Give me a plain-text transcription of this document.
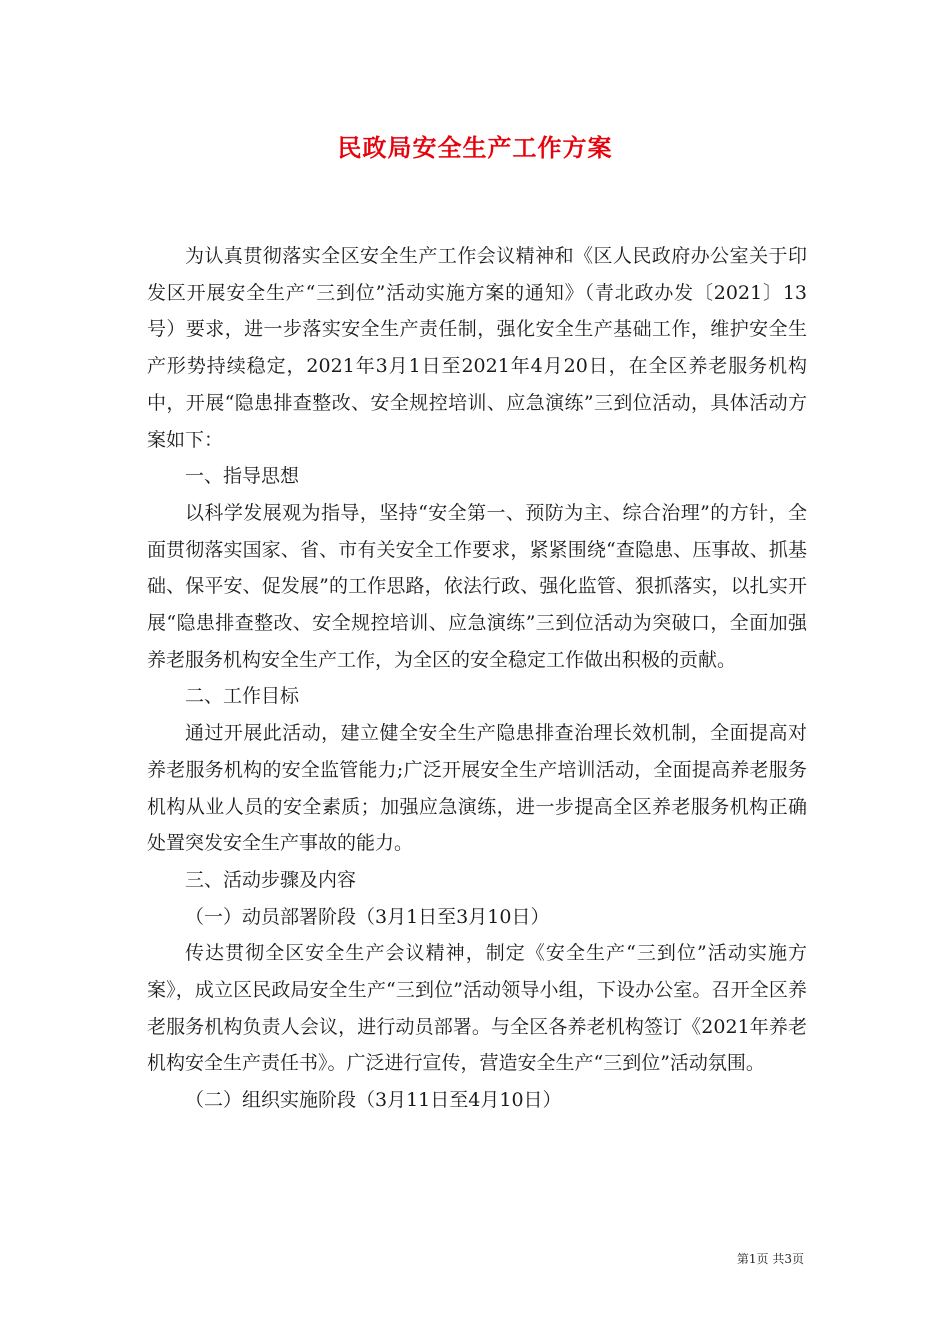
民政局安全生产工作方案

为认真贯彻落实全区安全生产工作会议精神和《区人民政府办公室关于印发区开展安全生产“三到位”活动实施方案的通知》（青北政办发〔2021〕13号）要求，进一步落实安全生产责任制，强化安全生产基础工作，维护安全生产形势持续稳定，2021年3月1日至2021年4月20日，在全区养老服务机构中，开展“隐患排查整改、安全规控培训、应急演练”三到位活动，具体活动方案如下：

一、指导思想

以科学发展观为指导，坚持“安全第一、预防为主、综合治理”的方针，全面贯彻落实国家、省、市有关安全工作要求，紧紧围绕“查隐患、压事故、抓基础、保平安、促发展”的工作思路，依法行政、强化监管、狠抓落实，以扎实开展“隐患排查整改、安全规控培训、应急演练”三到位活动为突破口，全面加强养老服务机构安全生产工作，为全区的安全稳定工作做出积极的贡献。

二、工作目标

通过开展此活动，建立健全安全生产隐患排查治理长效机制，全面提高对养老服务机构的安全监管能力;广泛开展安全生产培训活动，全面提高养老服务机构从业人员的安全素质；加强应急演练，进一步提高全区养老服务机构正确处置突发安全生产事故的能力。

三、活动步骤及内容

（一）动员部署阶段（3月1日至3月10日）

传达贯彻全区安全生产会议精神，制定《安全生产“三到位”活动实施方案》，成立区民政局安全生产“三到位”活动领导小组，下设办公室。召开全区养老服务机构负责人会议，进行动员部署。与全区各养老机构签订《2021年养老机构安全生产责任书》。广泛进行宣传，营造安全生产“三到位”活动氛围。

（二）组织实施阶段（3月11日至4月10日）

第1页 共3页
